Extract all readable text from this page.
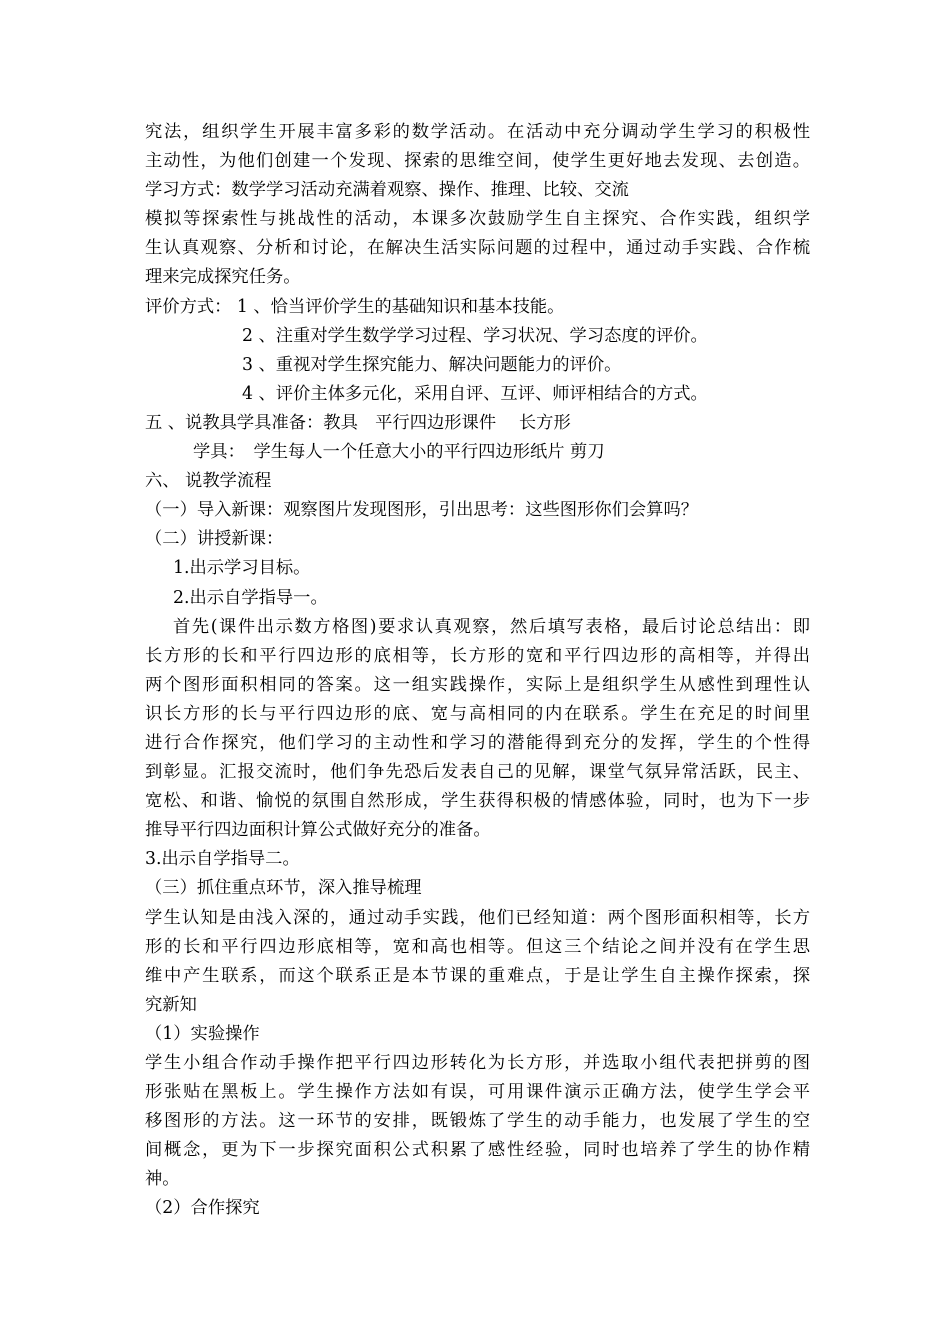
究法，组织学生开展丰富多彩的数学活动。在活动中充分调动学生学习的积极性
主动性，为他们创建一个发现、探索的思维空间，使学生更好地去发现、去创造。
学习方式：数学学习活动充满着观察、操作、推理、比较、交流
模拟等探索性与挑战性的活动，本课多次鼓励学生自主探究、合作实践，组织学
生认真观察、分析和讨论，在解决生活实际问题的过程中，通过动手实践、合作梳
理来完成探究任务。
评价方式： 1 、恰当评价学生的基础知识和基本技能。
2 、注重对学生数学学习过程、学习状况、学习态度的评价。
3 、重视对学生探究能力、解决问题能力的评价。
4 、评价主体多元化，采用自评、互评、师评相结合的方式。
五 、说教具学具准备：教具　平行四边形课件　 长方形
学具：　学生每人一个任意大小的平行四边形纸片 剪刀
六、 说教学流程
（一）导入新课：观察图片发现图形，引出思考：这些图形你们会算吗？
（二）讲授新课：
1.出示学习目标。
2.出示自学指导一。
首先(课件出示数方格图)要求认真观察，然后填写表格，最后讨论总结出：即
长方形的长和平行四边形的底相等，长方形的宽和平行四边形的高相等，并得出
两个图形面积相同的答案。这一组实践操作，实际上是组织学生从感性到理性认
识长方形的长与平行四边形的底、宽与高相同的内在联系。学生在充足的时间里
进行合作探究，他们学习的主动性和学习的潜能得到充分的发挥，学生的个性得
到彰显。汇报交流时，他们争先恐后发表自己的见解，课堂气氛异常活跃，民主、
宽松、和谐、愉悦的氛围自然形成，学生获得积极的情感体验，同时，也为下一步
推导平行四边面积计算公式做好充分的准备。
3.出示自学指导二。
（三）抓住重点环节，深入推导梳理
学生认知是由浅入深的，通过动手实践，他们已经知道：两个图形面积相等，长方
形的长和平行四边形底相等，宽和高也相等。但这三个结论之间并没有在学生思
维中产生联系，而这个联系正是本节课的重难点，于是让学生自主操作探索，探
究新知
（1）实验操作
学生小组合作动手操作把平行四边形转化为长方形，并选取小组代表把拼剪的图
形张贴在黑板上。学生操作方法如有误，可用课件演示正确方法，使学生学会平
移图形的方法。这一环节的安排，既锻炼了学生的动手能力，也发展了学生的空
间概念，更为下一步探究面积公式积累了感性经验，同时也培养了学生的协作精
神。
（2）合作探究
